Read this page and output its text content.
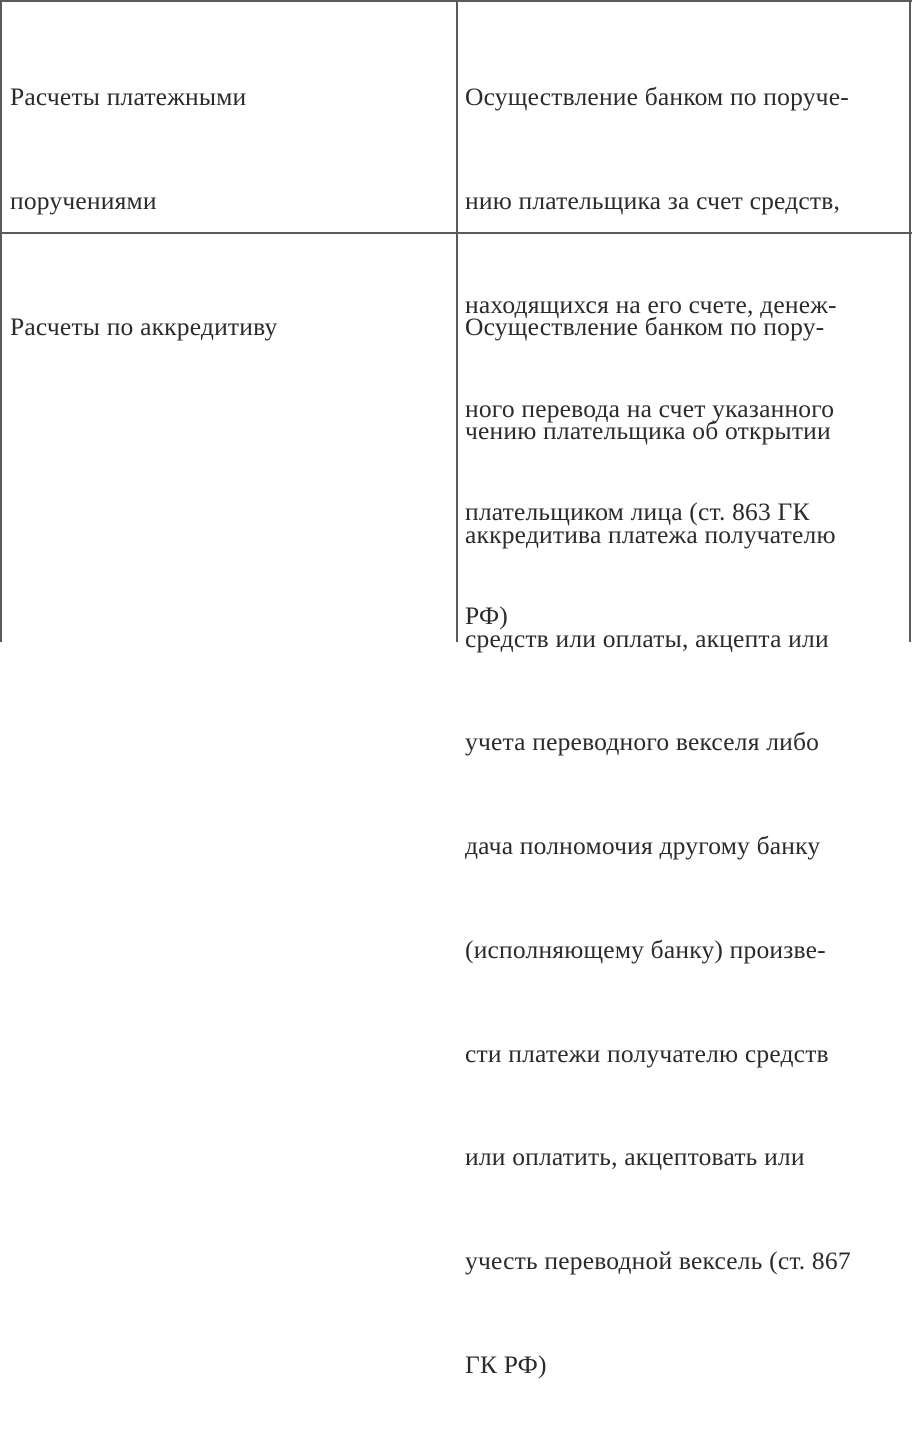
Расчеты платежными

поручениями

Осуществление банком по поруче-

нию плательщика за счет средств,

находящихся на его счете, денеж-

ного перевода на счет указанного

плательщиком лица (ст. 863 ГК

РФ)

Расчеты по аккредитиву

	Осуществление банком по пору-

чению плательщика об открытии

аккредитива платежа получателю

средств или оплаты, акцепта или

учета переводного векселя либо

дача полномочия другому банку

(исполняющему банку) произве-

сти платежи получателю средств

или оплатить, акцептовать или

учесть переводной вексель (ст. 867

ГК РФ)
